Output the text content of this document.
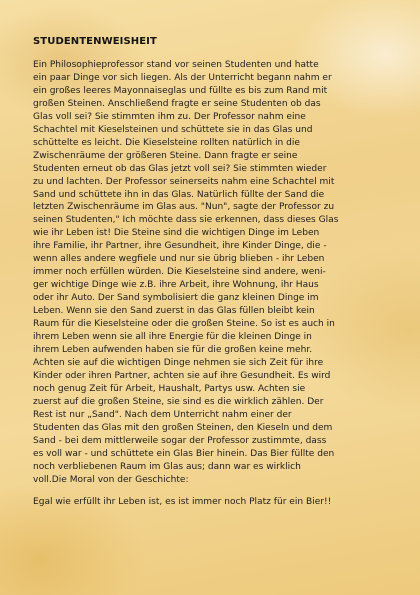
STUDENTENWEISHEIT

Ein Philosophieprofessor stand vor seinen Studenten und hatte
ein paar Dinge vor sich liegen. Als der Unterricht begann nahm er
ein großes leeres Mayonnaiseglas und füllte es bis zum Rand mit
großen Steinen. Anschließend fragte er seine Studenten ob das
Glas voll sei? Sie stimmten ihm zu. Der Professor nahm eine
Schachtel mit Kieselsteinen und schüttete sie in das Glas und
schüttelte es leicht. Die Kieselsteine rollten natürlich in die
Zwischenräume der größeren Steine. Dann fragte er seine
Studenten erneut ob das Glas jetzt voll sei? Sie stimmten wieder
zu und lachten. Der Professor seinerseits nahm eine Schachtel mit
Sand und schüttete ihn in das Glas. Natürlich füllte der Sand die
letzten Zwischenräume im Glas aus. "Nun", sagte der Professor zu
seinen Studenten," Ich möchte dass sie erkennen, dass dieses Glas
wie ihr Leben ist! Die Steine sind die wichtigen Dinge im Leben
ihre Familie, ihr Partner, ihre Gesundheit, ihre Kinder Dinge, die -
wenn alles andere wegfiele und nur sie übrig blieben - ihr Leben
immer noch erfüllen würden. Die Kieselsteine sind andere, weni-
ger wichtige Dinge wie z.B. ihre Arbeit, ihre Wohnung, ihr Haus
oder ihr Auto. Der Sand symbolisiert die ganz kleinen Dinge im
Leben. Wenn sie den Sand zuerst in das Glas füllen bleibt kein
Raum für die Kieselsteine oder die großen Steine. So ist es auch in
ihrem Leben wenn sie all ihre Energie für die kleinen Dinge in
ihrem Leben aufwenden haben sie für die großen keine mehr.
Achten sie auf die wichtigen Dinge nehmen sie sich Zeit für ihre
Kinder oder ihren Partner, achten sie auf ihre Gesundheit. Es wird
noch genug Zeit für Arbeit, Haushalt, Partys usw. Achten sie
zuerst auf die großen Steine, sie sind es die wirklich zählen. Der
Rest ist nur „Sand". Nach dem Unterricht nahm einer der
Studenten das Glas mit den großen Steinen, den Kieseln und dem
Sand - bei dem mittlerweile sogar der Professor zustimmte, dass
es voll war - und schüttete ein Glas Bier hinein. Das Bier füllte den
noch verbliebenen Raum im Glas aus; dann war es wirklich
voll.Die Moral von der Geschichte:

Egal wie erfüllt ihr Leben ist, es ist immer noch Platz für ein Bier!!
